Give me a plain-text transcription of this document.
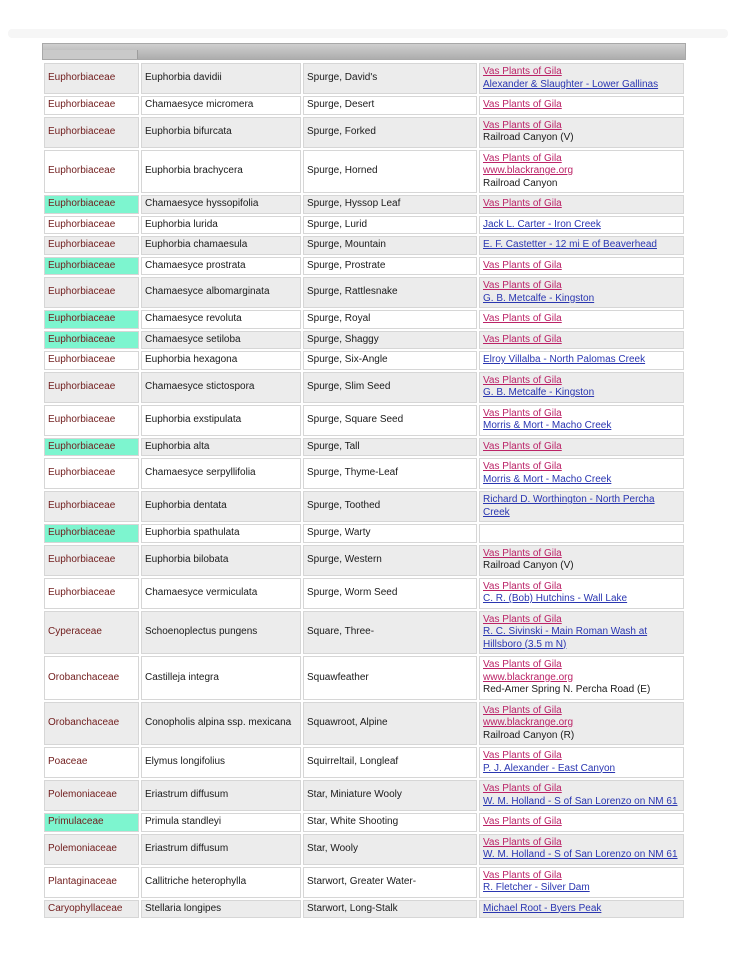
Euphorbiaceae	Euphorbia davidii	Spurge, David's	Vas Plants of Gila
Alexander & Slaughter - Lower Gallinas

Euphorbiaceae	Chamaesyce micromera	Spurge, Desert	Vas Plants of Gila

Euphorbiaceae	Euphorbia bifurcata	Spurge, Forked	Vas Plants of Gila
Railroad Canyon (V)

Euphorbiaceae	Euphorbia brachycera	Spurge, Horned	Vas Plants of Gila
www.blackrange.org
Railroad Canyon

Euphorbiaceae	Chamaesyce hyssopifolia	Spurge, Hyssop Leaf	Vas Plants of Gila

Euphorbiaceae	Euphorbia lurida	Spurge, Lurid	Jack L. Carter - Iron Creek

Euphorbiaceae	Euphorbia chamaesula	Spurge, Mountain	E. F. Castetter - 12 mi E of Beaverhead

Euphorbiaceae	Chamaesyce prostrata	Spurge, Prostrate	Vas Plants of Gila

Euphorbiaceae	Chamaesyce albomarginata	Spurge, Rattlesnake	Vas Plants of Gila
G. B. Metcalfe - Kingston

Euphorbiaceae	Chamaesyce revoluta	Spurge, Royal	Vas Plants of Gila

Euphorbiaceae	Chamaesyce setiloba	Spurge, Shaggy	Vas Plants of Gila

Euphorbiaceae	Euphorbia hexagona	Spurge, Six-Angle	Elroy Villalba - North Palomas Creek

Euphorbiaceae	Chamaesyce stictospora	Spurge, Slim Seed	Vas Plants of Gila
G. B. Metcalfe - Kingston

Euphorbiaceae	Euphorbia exstipulata	Spurge, Square Seed	Vas Plants of Gila
Morris & Mort - Macho Creek

Euphorbiaceae	Euphorbia alta	Spurge, Tall	Vas Plants of Gila

Euphorbiaceae	Chamaesyce serpyllifolia	Spurge, Thyme-Leaf	Vas Plants of Gila
Morris & Mort - Macho Creek

Euphorbiaceae	Euphorbia dentata	Spurge, Toothed	Richard D. Worthington - North Percha Creek

Euphorbiaceae	Euphorbia spathulata	Spurge, Warty	
Euphorbiaceae	Euphorbia bilobata	Spurge, Western	Vas Plants of Gila
Railroad Canyon (V)

Euphorbiaceae	Chamaesyce vermiculata	Spurge, Worm Seed	Vas Plants of Gila
C. R. (Bob) Hutchins - Wall Lake

Cyperaceae	Schoenoplectus pungens	Square, Three-	Vas Plants of Gila
R. C. Sivinski - Main Roman Wash at Hillsboro (3.5 m N)

Orobanchaceae	Castilleja integra	Squawfeather	Vas Plants of Gila
www.blackrange.org
Red-Amer Spring N. Percha Road (E)

Orobanchaceae	Conopholis alpina ssp. mexicana	Squawroot, Alpine	Vas Plants of Gila
www.blackrange.org
Railroad Canyon (R)

Poaceae	Elymus longifolius	Squirreltail, Longleaf	Vas Plants of Gila
P. J. Alexander - East Canyon

Polemoniaceae	Eriastrum diffusum	Star, Miniature Wooly	Vas Plants of Gila
W. M. Holland - S of San Lorenzo on NM 61

Primulaceae	Primula standleyi	Star, White Shooting	Vas Plants of Gila

Polemoniaceae	Eriastrum diffusum	Star, Wooly	Vas Plants of Gila
W. M. Holland - S of San Lorenzo on NM 61

Plantaginaceae	Callitriche heterophylla	Starwort, Greater Water-	Vas Plants of Gila
R. Fletcher - Silver Dam

Caryophyllaceae	Stellaria longipes	Starwort, Long-Stalk	Michael Root - Byers Peak
